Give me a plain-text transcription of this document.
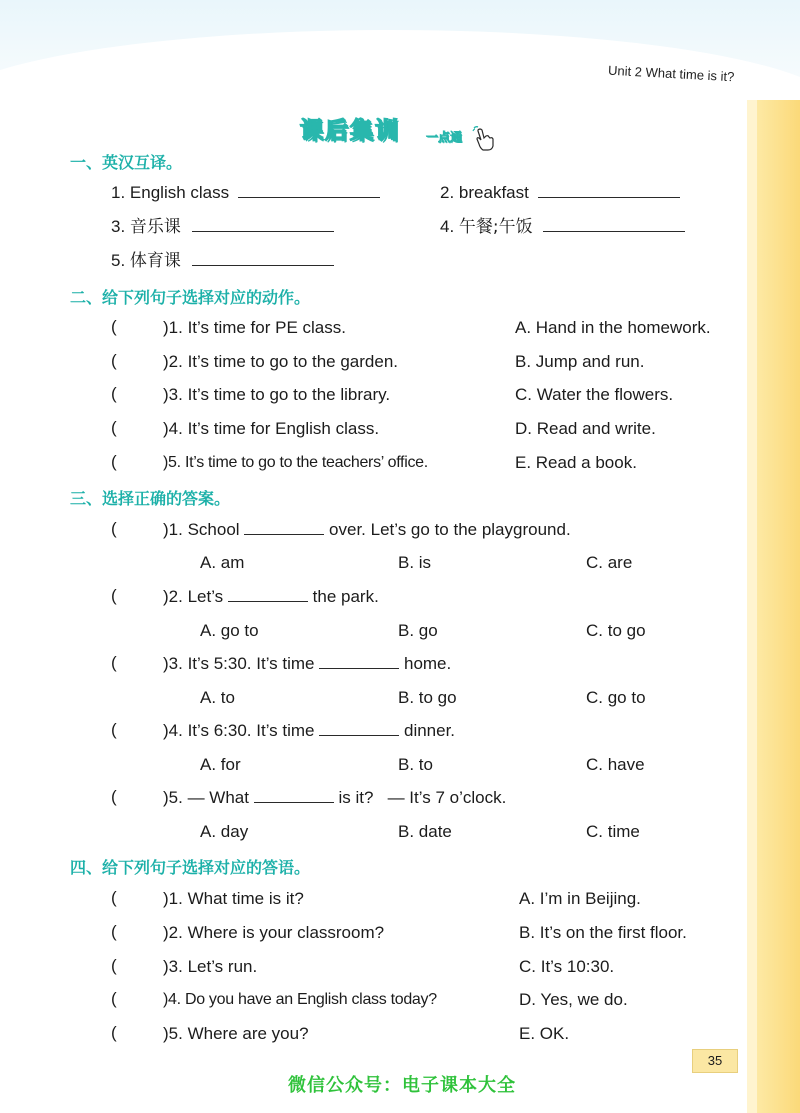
Unit 2 What time is it?
课后集训	一点通
一、英汉互译。
1. English class	2. breakfast
3. 音乐课	4. 午餐;午饭
5. 体育课
二、给下列句子选择对应的动作。
(	)1. It’s time for PE class.	A. Hand in the homework.
(	)2. It’s time to go to the garden.	B. Jump and run.
(	)3. It’s time to go to the library.	C. Water the flowers.
(	)4. It’s time for English class.	D. Read and write.
(	)5. It’s time to go to the teachers’ office.	E. Read a book.
三、选择正确的答案。
(	)1. School	over. Let’s go to the playground.
A. am	B. is	C. are
(	)2. Let’s	the park.
A. go to	B. go	C. to go
(	)3. It’s 5:30. It’s time	home.
A. to	B. to go	C. go to
(	)4. It’s 6:30. It’s time	dinner.
A. for	B. to	C. have
(	)5. — What	is it?   — It’s 7 o’clock.
A. day	B. date	C. time
四、给下列句子选择对应的答语。
(	)1. What time is it?	A. I’m in Beijing.
(	)2. Where is your classroom?	B. It’s on the first floor.
(	)3. Let’s run.	C. It’s 10:30.
(	)4. Do you have an English class today?	D. Yes, we do.
(	)5. Where are you?	E. OK.
35
微信公众号：电子课本大全
